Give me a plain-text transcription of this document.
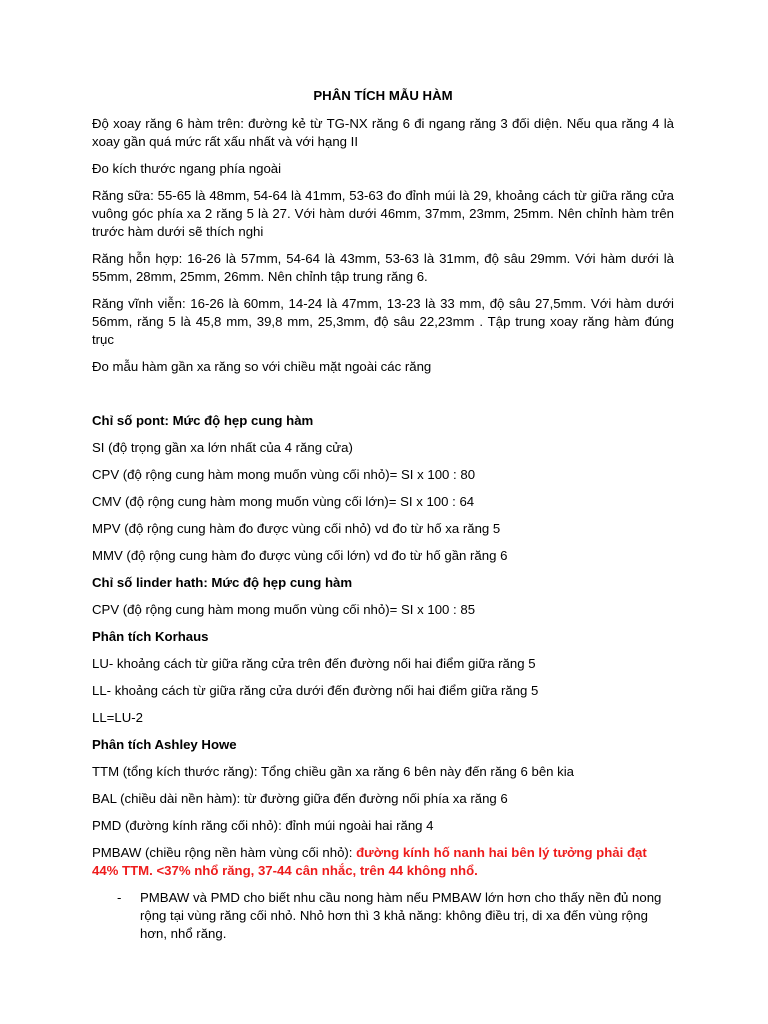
PHÂN TÍCH MẪU HÀM
Độ xoay răng 6 hàm trên: đường kẻ từ TG-NX răng 6 đi ngang răng 3 đối diện. Nếu qua răng 4 là xoay gần quá mức rất xấu nhất và với hạng II
Đo kích thước ngang phía ngoài
Răng sữa: 55-65 là 48mm, 54-64 là 41mm, 53-63 đo đỉnh múi là 29, khoảng cách từ giữa răng cửa vuông góc phía xa 2 răng 5 là 27. Với hàm dưới 46mm, 37mm, 23mm, 25mm. Nên chỉnh hàm trên trước hàm dưới sẽ thích nghi
Răng hỗn hợp: 16-26 là 57mm, 54-64 là 43mm, 53-63 là 31mm, độ sâu 29mm. Với hàm dưới là 55mm, 28mm, 25mm, 26mm. Nên chỉnh tập trung răng 6.
Răng vĩnh viễn: 16-26 là 60mm, 14-24 là 47mm, 13-23 là 33 mm, độ sâu 27,5mm. Với hàm dưới 56mm, răng 5 là 45,8 mm, 39,8 mm, 25,3mm, độ sâu 22,23mm . Tập trung xoay răng hàm đúng trục
Đo mẫu hàm gần xa răng so với chiều mặt ngoài các răng
Chỉ số pont: Mức độ hẹp cung hàm
SI (độ trọng gần xa lớn nhất của 4 răng cửa)
CPV (độ rộng cung hàm mong muốn vùng cối nhỏ)= SI x 100 : 80
CMV (độ rộng cung hàm mong muốn vùng cối lớn)= SI x 100 : 64
MPV (độ rộng cung hàm đo được vùng cối nhỏ) vd đo từ hố xa răng 5
MMV (độ rộng cung hàm đo được vùng cối lớn) vd đo từ hố gần răng 6
Chỉ số linder hath: Mức độ hẹp cung hàm
CPV (độ rộng cung hàm mong muốn vùng cối nhỏ)= SI x 100 : 85
Phân tích Korhaus
LU- khoảng cách từ giữa răng cửa trên đến đường nối hai điểm giữa răng 5
LL- khoảng cách từ giữa răng cửa dưới đến đường nối hai điểm giữa răng 5
LL=LU-2
Phân tích Ashley Howe
TTM (tổng kích thước răng): Tổng chiều gần xa răng 6 bên này đến răng 6 bên kia
BAL (chiều dài nền hàm): từ đường giữa đến đường nối phía xa răng 6
PMD (đường kính răng cối nhỏ): đỉnh múi ngoài hai răng 4
PMBAW (chiều rộng nền hàm vùng cối nhỏ): đường kính hố nanh hai bên lý tưởng phải đạt 44% TTM. <37% nhổ răng, 37-44 cân nhắc, trên 44 không nhổ.
- PMBAW và PMD cho biết nhu cầu nong hàm nếu PMBAW lớn hơn cho thấy nền đủ nong rộng tại vùng răng cối nhỏ. Nhỏ hơn thì 3 khả năng: không điều trị, di xa đến vùng rộng hơn, nhổ răng.
